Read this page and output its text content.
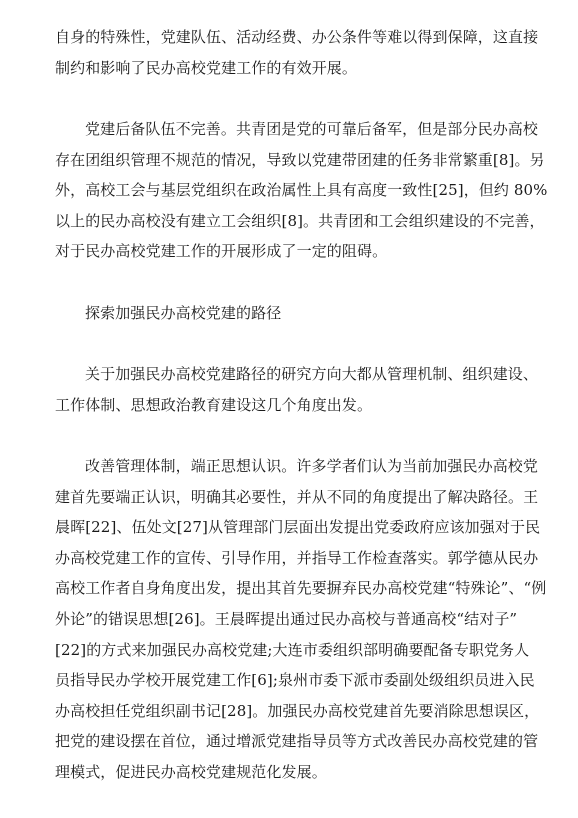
自身的特殊性，党建队伍、活动经费、办公条件等难以得到保障，这直接
制约和影响了民办高校党建工作的有效开展。
党建后备队伍不完善。共青团是党的可靠后备军，但是部分民办高校
存在团组织管理不规范的情况，导致以党建带团建的任务非常繁重[8]。另
外，高校工会与基层党组织在政治属性上具有高度一致性[25]，但约 80%
以上的民办高校没有建立工会组织[8]。共青团和工会组织建设的不完善，
对于民办高校党建工作的开展形成了一定的阻碍。
探索加强民办高校党建的路径
关于加强民办高校党建路径的研究方向大都从管理机制、组织建设、
工作体制、思想政治教育建设这几个角度出发。
改善管理体制，端正思想认识。许多学者们认为当前加强民办高校党
建首先要端正认识，明确其必要性，并从不同的角度提出了解决路径。王
晨晖[22]、伍处文[27]从管理部门层面出发提出党委政府应该加强对于民
办高校党建工作的宣传、引导作用，并指导工作检查落实。郭学德从民办
高校工作者自身角度出发，提出其首先要摒弃民办高校党建“特殊论”、“例
外论”的错误思想[26]。王晨晖提出通过民办高校与普通高校“结对子”
[22]的方式来加强民办高校党建;大连市委组织部明确要配备专职党务人
员指导民办学校开展党建工作[6];泉州市委下派市委副处级组织员进入民
办高校担任党组织副书记[28]。加强民办高校党建首先要消除思想误区，
把党的建设摆在首位，通过增派党建指导员等方式改善民办高校党建的管
理模式，促进民办高校党建规范化发展。
